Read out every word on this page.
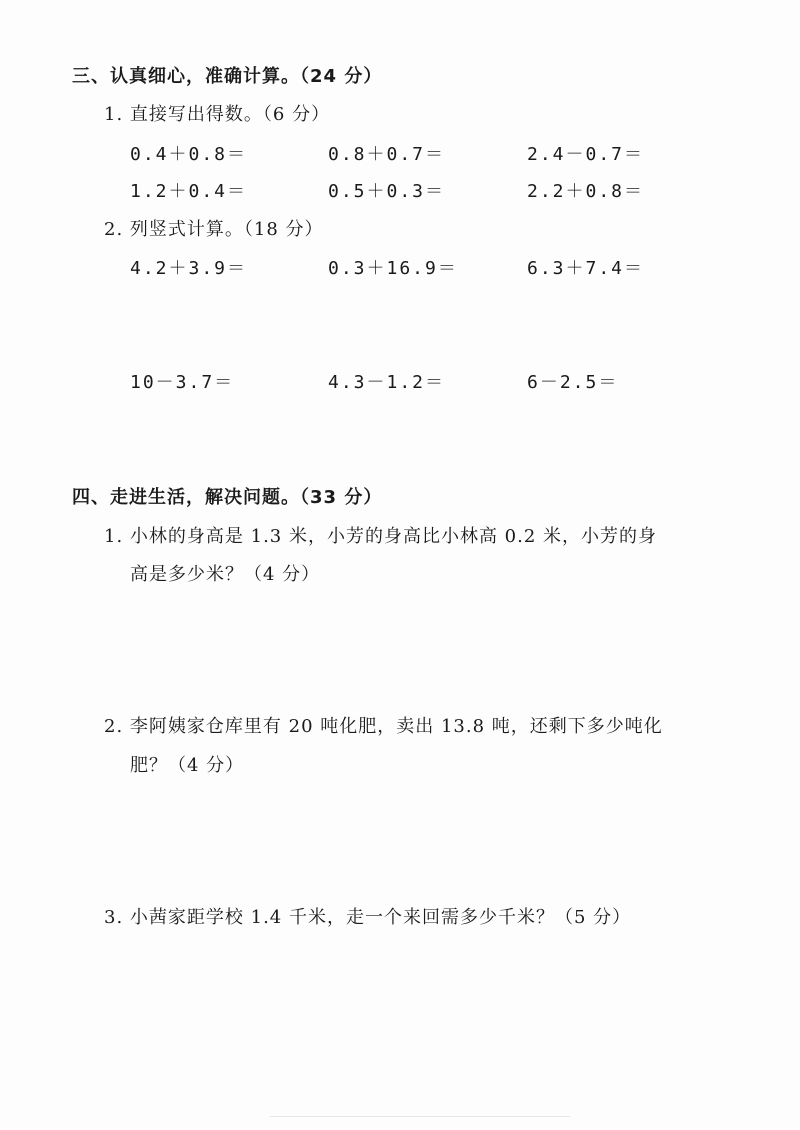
三、认真细心，准确计算。（24 分）
1. 直接写出得数。（6 分）
0.4＋0.8＝	0.8＋0.7＝	2.4－0.7＝
1.2＋0.4＝	0.5＋0.3＝	2.2＋0.8＝
2. 列竖式计算。（18 分）
4.2＋3.9＝	0.3＋16.9＝	6.3＋7.4＝
10－3.7＝	4.3－1.2＝	6－2.5＝
四、走进生活，解决问题。（33 分）
1. 小林的身高是 1.3 米，小芳的身高比小林高 0.2 米，小芳的身
高是多少米？（4 分）
2. 李阿姨家仓库里有 20 吨化肥，卖出 13.8 吨，还剩下多少吨化
肥？（4 分）
3. 小茜家距学校 1.4 千米，走一个来回需多少千米？（5 分）
